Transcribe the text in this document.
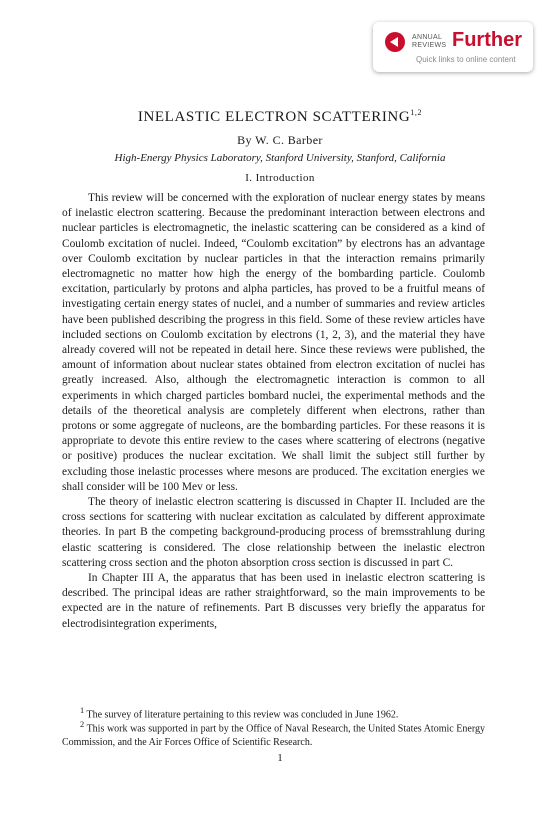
ANNUAL
REVIEWS Further
Quick links to online content
INELASTIC ELECTRON SCATTERING$^{1,2}$
By W. C. Barber
High-Energy Physics Laboratory, Stanford University, Stanford, California
I. Introduction

This review will be concerned with the exploration of nuclear energy states by means of inelastic electron scattering. Because the predominant interaction between electrons and nuclear particles is electromagnetic, the inelastic scattering can be considered as a kind of Coulomb excitation of nuclei. Indeed, “Coulomb excitation” by electrons has an advantage over Coulomb excitation by nuclear particles in that the interaction remains primarily electromagnetic no matter how high the energy of the bombarding particle. Coulomb excitation, particularly by protons and alpha particles, has proved to be a fruitful means of investigating certain energy states of nuclei, and a number of summaries and review articles have been published describing the progress in this field. Some of these review articles have included sections on Coulomb excitation by electrons (1, 2, 3), and the material they have already covered will not be repeated in detail here. Since these reviews were published, the amount of information about nuclear states obtained from electron excitation of nuclei has greatly increased. Also, although the electromagnetic interaction is common to all experiments in which charged particles bombard nuclei, the experimental methods and the details of the theoretical analysis are completely different when electrons, rather than protons or some aggregate of nucleons, are the bombarding particles. For these reasons it is appropriate to devote this entire review to the cases where scattering of electrons (negative or positive) produces the nuclear excitation. We shall limit the subject still further by excluding those inelastic processes where mesons are produced. The excitation energies we shall consider will be 100 Mev or less.

The theory of inelastic electron scattering is discussed in Chapter II. Included are the cross sections for scattering with nuclear excitation as calculated by different approximate theories. In part B the competing background-producing process of bremsstrahlung during elastic scattering is considered. The close relationship between the inelastic electron scattering cross section and the photon absorption cross section is discussed in part C.

In Chapter III A, the apparatus that has been used in inelastic electron scattering is described. The principal ideas are rather straightforward, so the main improvements to be expected are in the nature of refinements. Part B discusses very briefly the apparatus for electrodisintegration experiments,

$^1$ The survey of literature pertaining to this review was concluded in June 1962.
$^2$ This work was supported in part by the Office of Naval Research, the United States Atomic Energy Commission, and the Air Forces Office of Scientific Research.
1
